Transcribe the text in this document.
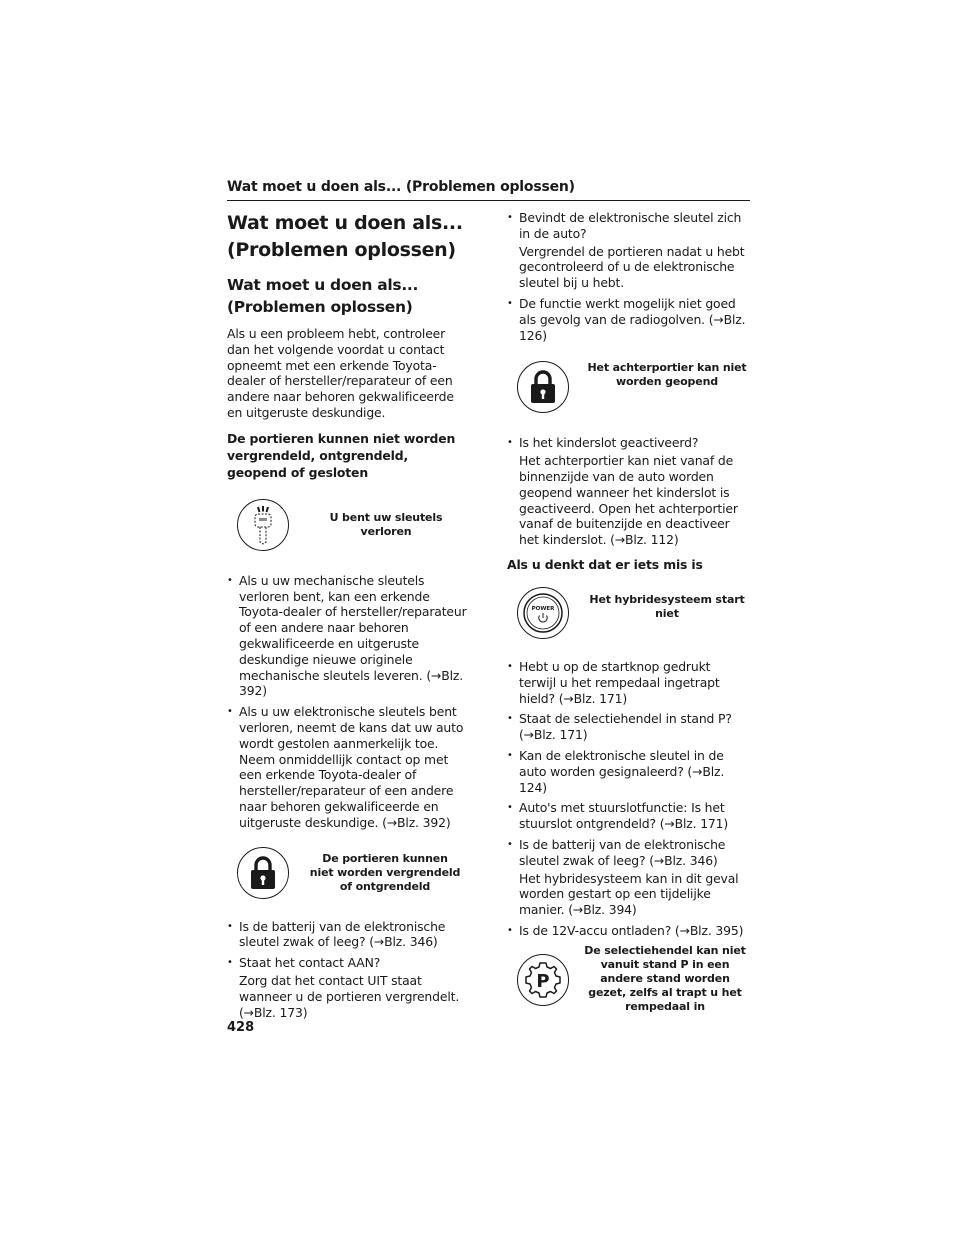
Wat moet u doen als... (Problemen oplossen)
Wat moet u doen als...
(Problemen oplossen)
Wat moet u doen als...
(Problemen oplossen)

Als u een probleem hebt, controleer dan het volgende voordat u contact opneemt met een erkende Toyota-dealer of hersteller/reparateur of een andere naar behoren gekwalificeerde en uitgeruste deskundige.

De portieren kunnen niet worden vergrendeld, ontgrendeld, geopend of gesloten

U bent uw sleutels verloren
• Als u uw mechanische sleutels verloren bent, kan een erkende Toyota-dealer of hersteller/reparateur of een andere naar behoren gekwalificeerde en uitgeruste deskundige nieuwe originele mechanische sleutels leveren. (→Blz. 392)
• Als u uw elektronische sleutels bent verloren, neemt de kans dat uw auto wordt gestolen aanmerkelijk toe. Neem onmiddellijk contact op met een erkende Toyota-dealer of hersteller/reparateur of een andere naar behoren gekwalificeerde en uitgeruste deskundige. (→Blz. 392)
De portieren kunnen niet worden vergrendeld of ontgrendeld
• Is de batterij van de elektronische sleutel zwak of leeg? (→Blz. 346)
• Staat het contact AAN?
Zorg dat het contact UIT staat wanneer u de portieren vergrendelt. (→Blz. 173)
• Bevindt de elektronische sleutel zich in de auto?
Vergrendel de portieren nadat u hebt gecontroleerd of u de elektronische sleutel bij u hebt.
• De functie werkt mogelijk niet goed als gevolg van de radiogolven. (→Blz. 126)
Het achterportier kan niet worden geopend
• Is het kinderslot geactiveerd?
Het achterportier kan niet vanaf de binnenzijde van de auto worden geopend wanneer het kinderslot is geactiveerd. Open het achterportier vanaf de buitenzijde en deactiveer het kinderslot. (→Blz. 112)

Als u denkt dat er iets mis is

POWER
Het hybridesysteem start niet
• Hebt u op de startknop gedrukt terwijl u het rempedaal ingetrapt hield? (→Blz. 171)
• Staat de selectiehendel in stand P? (→Blz. 171)
• Kan de elektronische sleutel in de auto worden gesignaleerd? (→Blz. 124)
• Auto's met stuurslotfunctie: Is het stuurslot ontgrendeld? (→Blz. 171)
• Is de batterij van de elektronische sleutel zwak of leeg? (→Blz. 346)
Het hybridesysteem kan in dit geval worden gestart op een tijdelijke manier. (→Blz. 394)
• Is de 12V-accu ontladen? (→Blz. 395)
P
De selectiehendel kan niet vanuit stand P in een andere stand worden gezet, zelfs al trapt u het rempedaal in
428
